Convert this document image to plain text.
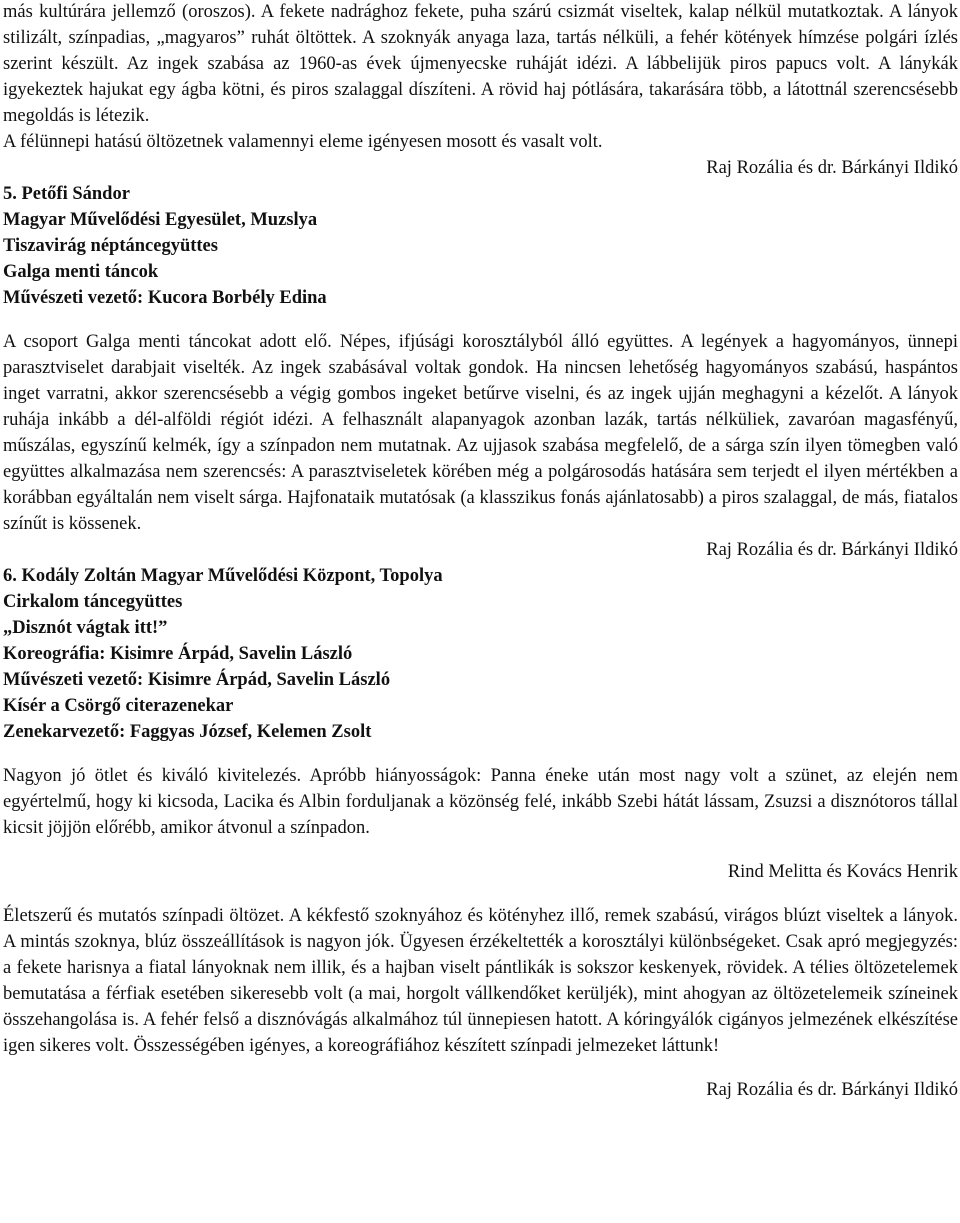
más kultúrára jellemző (oroszos). A fekete nadrághoz fekete, puha szárú csizmát viseltek, kalap nélkül mutatkoztak. A lányok stilizált, színpadias, „magyaros” ruhát öltöttek. A szoknyák anyaga laza, tartás nélküli, a fehér kötények hímzése polgári ízlés szerint készült. Az ingek szabása az 1960-as évek újmenyecske ruháját idézi. A lábbelijük piros papucs volt. A lánykák igyekeztek hajukat egy ágba kötni, és piros szalaggal díszíteni. A rövid haj pótlására, takarására több, a látottnál szerencsésebb megoldás is létezik.

A félünnepi hatású öltözetnek valamennyi eleme igényesen mosott és vasalt volt.

Raj Rozália és dr. Bárkányi Ildikó

5. Petőfi Sándor

Magyar Művelődési Egyesület, Muzslya

Tiszavirág néptáncegyüttes

Galga menti táncok

Művészeti vezető: Kucora Borbély Edina

A csoport Galga menti táncokat adott elő. Népes, ifjúsági korosztályból álló együttes. A legények a hagyományos, ünnepi parasztviselet darabjait viselték. Az ingek szabásával voltak gondok. Ha nincsen lehetőség hagyományos szabású, haspántos inget varratni, akkor szerencsésebb a végig gombos ingeket betűrve viselni, és az ingek ujján meghagyni a kézelőt. A lányok ruhája inkább a dél-alföldi régiót idézi. A felhasznált alapanyagok azonban lazák, tartás nélküliek, zavaróan magasfényű, műszálas, egyszínű kelmék, így a színpadon nem mutatnak. Az ujjasok szabása megfelelő, de a sárga szín ilyen tömegben való együttes alkalmazása nem szerencsés: A parasztviseletek körében még a polgárosodás hatására sem terjedt el ilyen mértékben a korábban egyáltalán nem viselt sárga. Hajfonataik mutatósak (a klasszikus fonás ajánlatosabb) a piros szalaggal, de más, fiatalos színűt is kössenek.

Raj Rozália és dr. Bárkányi Ildikó

6. Kodály Zoltán Magyar Művelődési Központ, Topolya

Cirkalom táncegyüttes

„Disznót vágtak itt!”

Koreográfia: Kisimre Árpád, Savelin László

Művészeti vezető: Kisimre Árpád, Savelin László

Kísér a Csörgő citerazenekar

Zenekarvezető: Faggyas József, Kelemen Zsolt

Nagyon jó ötlet és kiváló kivitelezés. Apróbb hiányosságok: Panna éneke után most nagy volt a szünet, az elején nem egyértelmű, hogy ki kicsoda, Lacika és Albin forduljanak a közönség felé, inkább Szebi hátát lássam, Zsuzsi a disznótoros tállal kicsit jöjjön előrébb, amikor átvonul a színpadon.

Rind Melitta és Kovács Henrik

Életszerű és mutatós színpadi öltözet. A kékfestő szoknyához és kötényhez illő, remek szabású, virágos blúzt viseltek a lányok. A mintás szoknya, blúz összeállítások is nagyon jók. Ügyesen érzékeltették a korosztályi különbségeket. Csak apró megjegyzés: a fekete harisnya a fiatal lányoknak nem illik, és a hajban viselt pántlikák is sokszor keskenyek, rövidek. A télies öltözetelemek bemutatása a férfiak esetében sikeresebb volt (a mai, horgolt vállkendőket kerüljék), mint ahogyan az öltözetelemeik színeinek összehangolása is. A fehér felső a disznóvágás alkalmához túl ünnepiesen hatott. A kóringyálók cigányos jelmezének elkészítése igen sikeres volt. Összességében igényes, a koreográfiához készített színpadi jelmezeket láttunk!

Raj Rozália és dr. Bárkányi Ildikó
